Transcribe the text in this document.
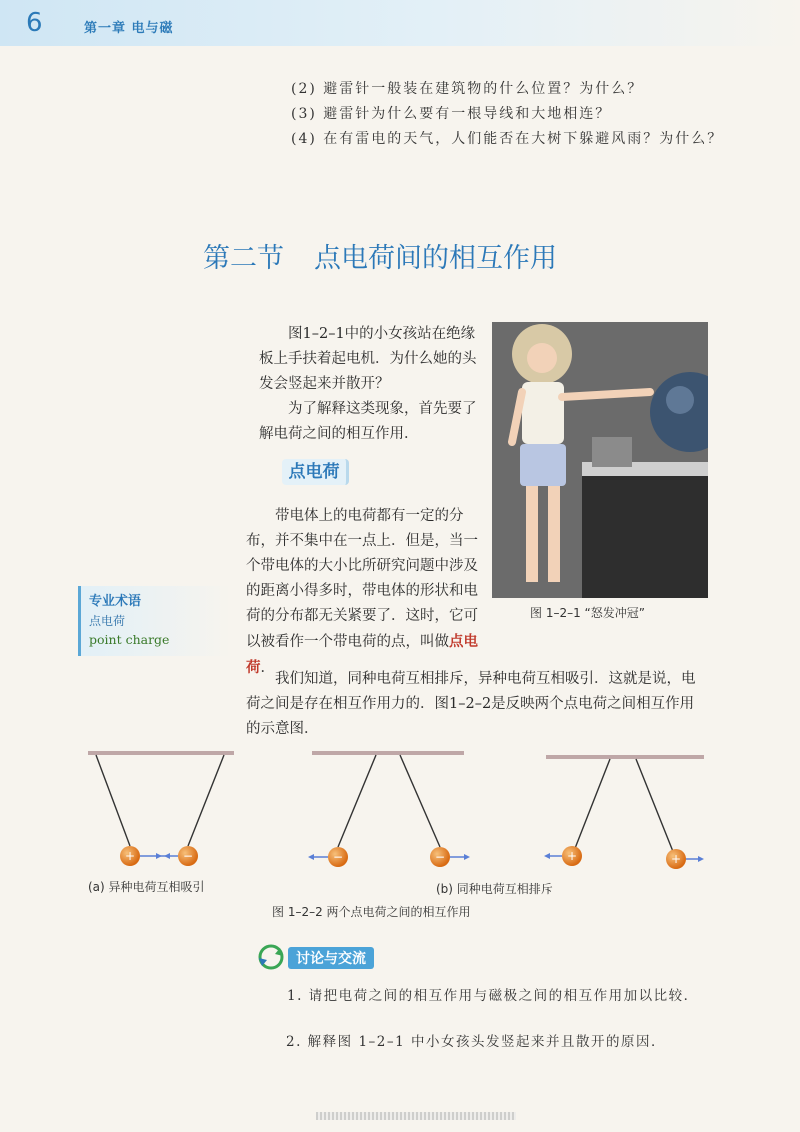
6	第一章 电与磁
(2) 避雷针一般装在建筑物的什么位置？为什么？
(3) 避雷针为什么要有一根导线和大地相连？
(4) 在有雷电的天气，人们能否在大树下躲避风雨？为什么？
第二节 点电荷间的相互作用

图1–2–1中的小女孩站在绝缘板上手扶着起电机．为什么她的头发会竖起来并散开？

为了解释这类现象，首先要了解电荷之间的相互作用．

图 1–2–1 “怒发冲冠”
点电荷
专业术语
点电荷
point charge

带电体上的电荷都有一定的分布，并不集中在一点上．但是，当一个带电体的大小比所研究问题中涉及的距离小得多时，带电体的形状和电荷的分布都无关紧要了．这时，它可以被看作一个带电荷的点，叫做点电荷．

我们知道，同种电荷互相排斥，异种电荷互相吸引．这就是说，电荷之间是存在相互作用力的．图1–2–2是反映两个点电荷之间相互作用的示意图．

+	−	−	−	+	+
(a) 异种电荷互相吸引	(b) 同种电荷互相排斥
图 1–2–2 两个点电荷之间的相互作用
讨论与交流
1. 请把电荷之间的相互作用与磁极之间的相互作用加以比较．
2. 解释图 1–2–1 中小女孩头发竖起来并且散开的原因．
